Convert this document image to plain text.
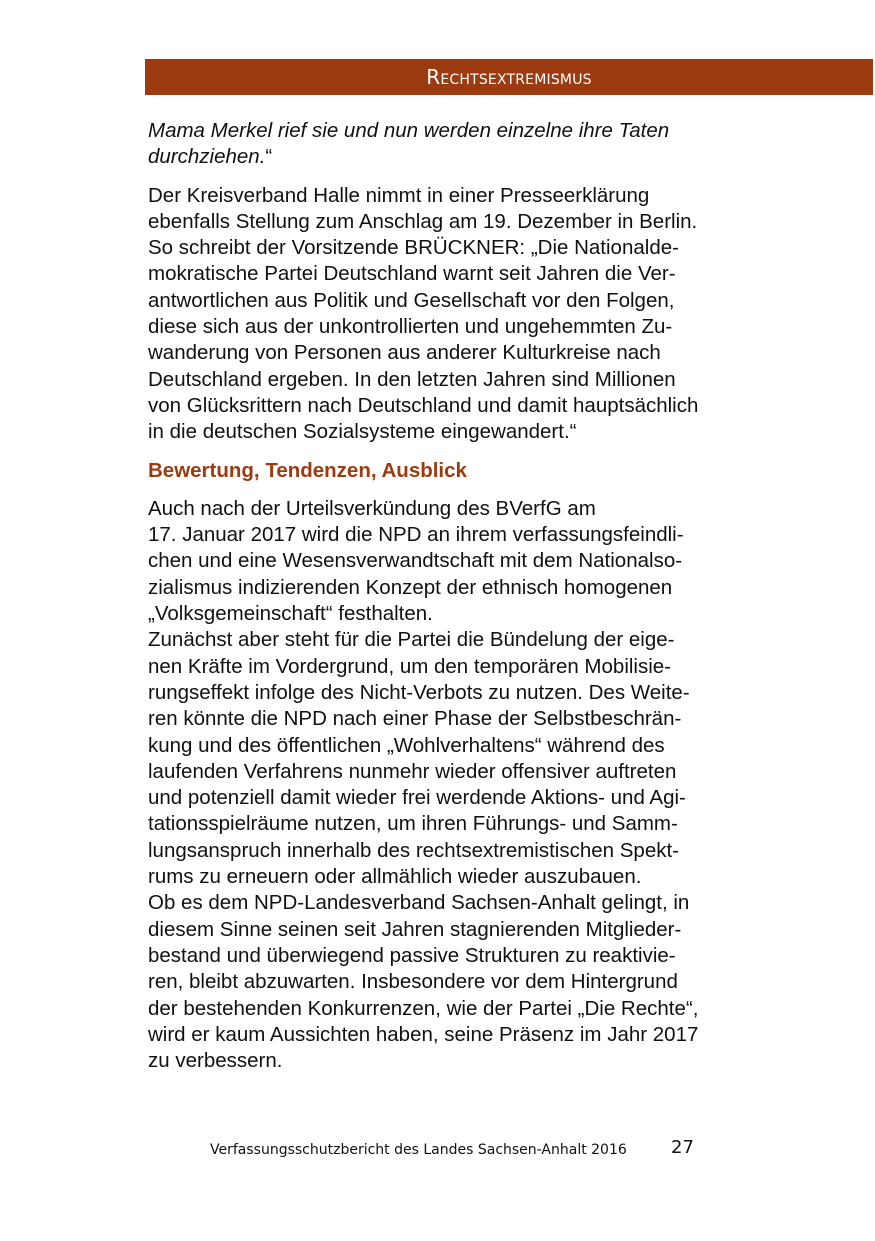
Rechtsextremismus

Mama Merkel rief sie und nun werden einzelne ihre Taten
durchziehen.“

Der Kreisverband Halle nimmt in einer Presseerklärung
ebenfalls Stellung zum Anschlag am 19. Dezember in Berlin.
So schreibt der Vorsitzende BRÜCKNER: „Die Nationalde-
mokratische Partei Deutschland warnt seit Jahren die Ver-
antwortlichen aus Politik und Gesellschaft vor den Folgen,
diese sich aus der unkontrollierten und ungehemmten Zu-
wanderung von Personen aus anderer Kulturkreise nach
Deutschland ergeben. In den letzten Jahren sind Millionen
von Glücksrittern nach Deutschland und damit hauptsächlich
in die deutschen Sozialsysteme eingewandert.“

Bewertung, Tendenzen, Ausblick

Auch nach der Urteilsverkündung des BVerfG am
17. Januar 2017 wird die NPD an ihrem verfassungsfeindli-
chen und eine Wesensverwandtschaft mit dem Nationalso-
zialismus indizierenden Konzept der ethnisch homogenen
„Volksgemeinschaft“ festhalten.

Zunächst aber steht für die Partei die Bündelung der eige-
nen Kräfte im Vordergrund, um den temporären Mobilisie-
rungseffekt infolge des Nicht-Verbots zu nutzen. Des Weite-
ren könnte die NPD nach einer Phase der Selbstbeschrän-
kung und des öffentlichen „Wohlverhaltens“ während des
laufenden Verfahrens nunmehr wieder offensiver auftreten
und potenziell damit wieder frei werdende Aktions- und Agi-
tationsspielräume nutzen, um ihren Führungs- und Samm-
lungsanspruch innerhalb des rechtsextremistischen Spekt-
rums zu erneuern oder allmählich wieder auszubauen.

Ob es dem NPD-Landesverband Sachsen-Anhalt gelingt, in
diesem Sinne seinen seit Jahren stagnierenden Mitglieder-
bestand und überwiegend passive Strukturen zu reaktivie-
ren, bleibt abzuwarten. Insbesondere vor dem Hintergrund
der bestehenden Konkurrenzen, wie der Partei „Die Rechte“,
wird er kaum Aussichten haben, seine Präsenz im Jahr 2017
zu verbessern.

Verfassungsschutzbericht des Landes Sachsen-Anhalt 2016 27
